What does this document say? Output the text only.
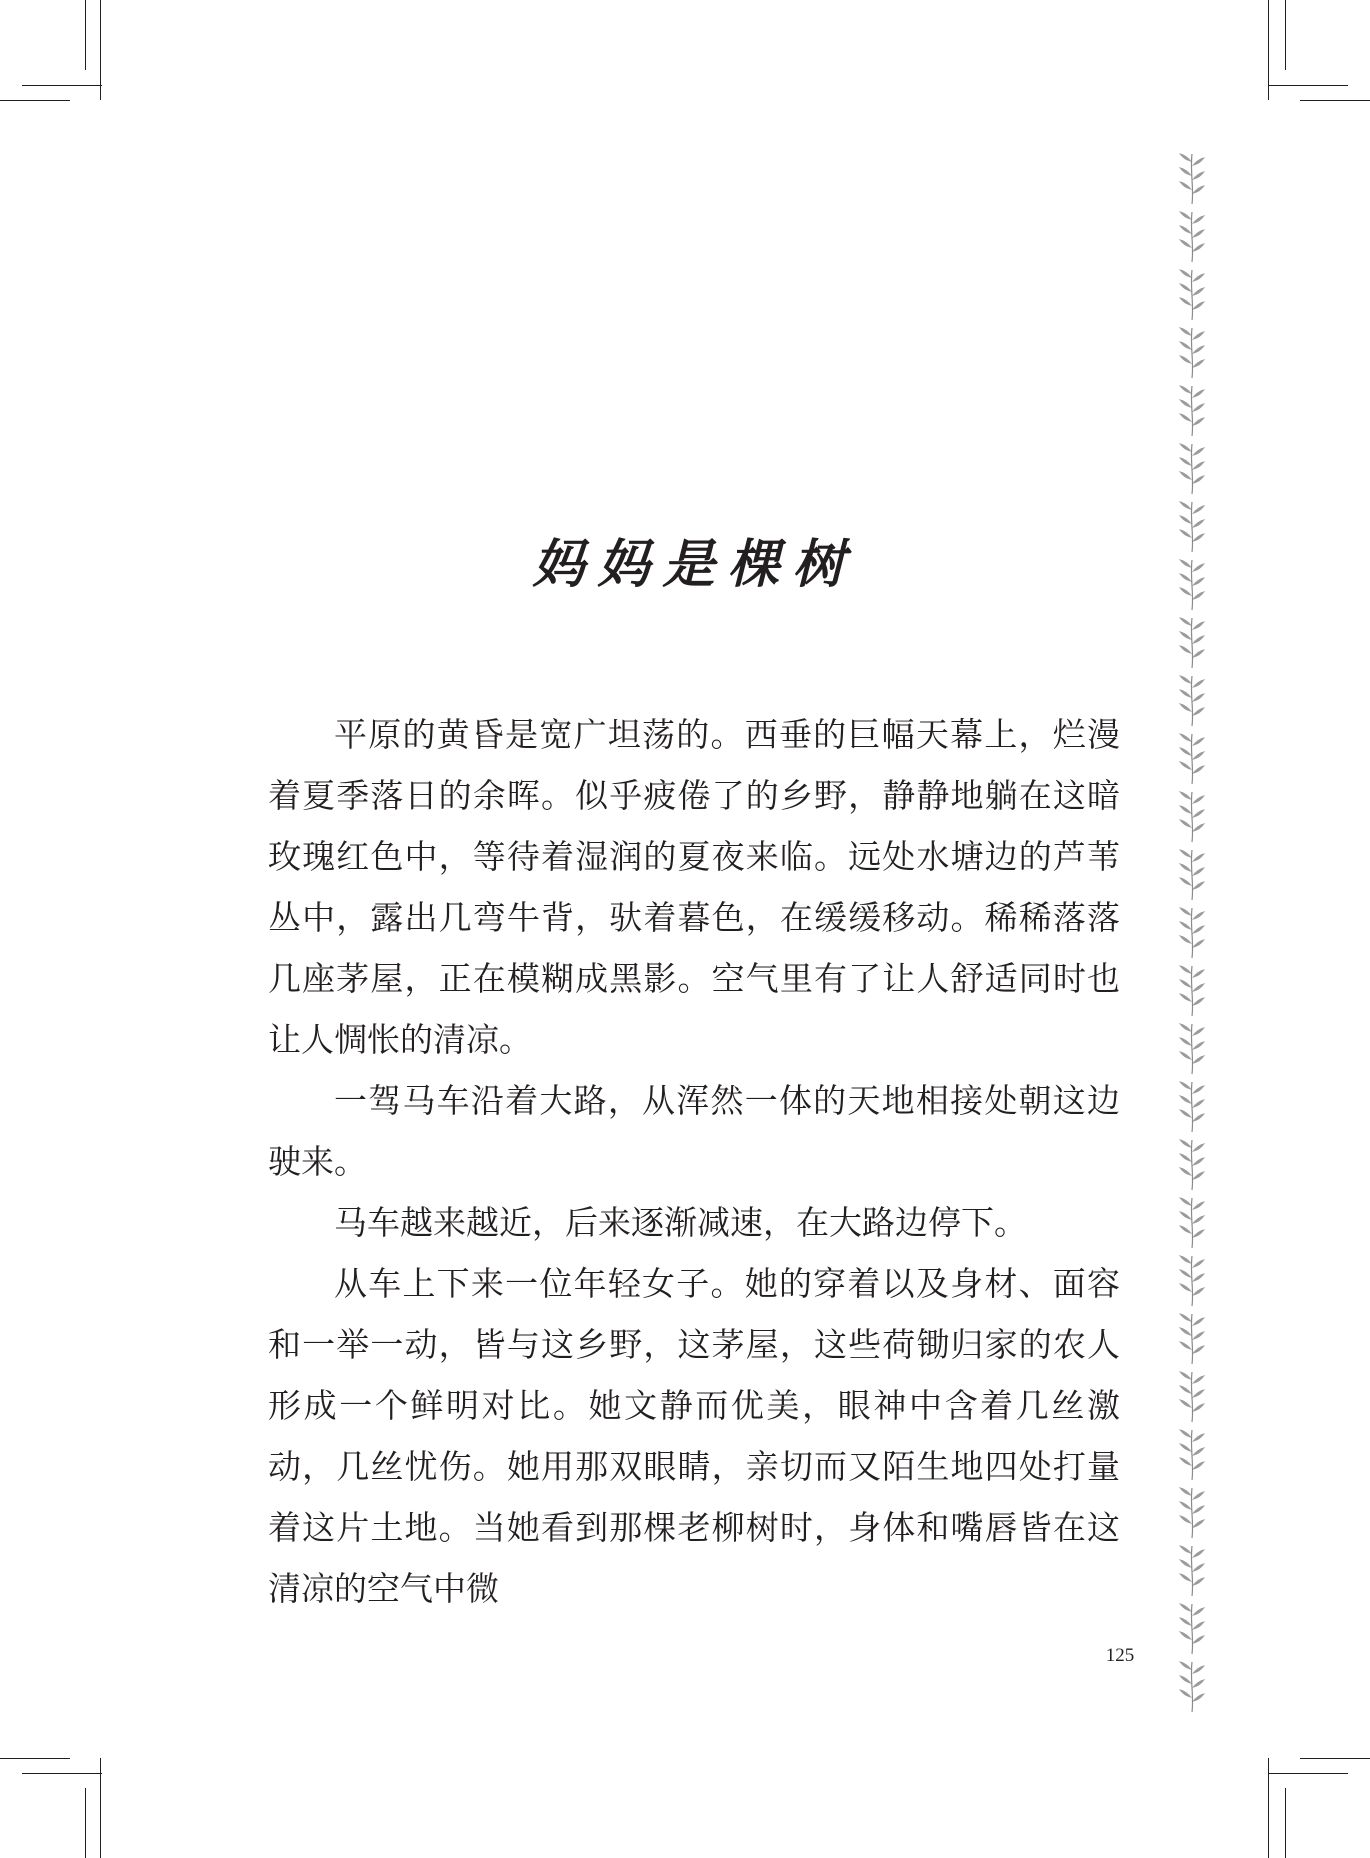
妈妈是棵树

平原的黄昏是宽广坦荡的。西垂的巨幅天幕上，烂漫着夏季落日的余晖。似乎疲倦了的乡野，静静地躺在这暗玫瑰红色中，等待着湿润的夏夜来临。远处水塘边的芦苇丛中，露出几弯牛背，驮着暮色，在缓缓移动。稀稀落落几座茅屋，正在模糊成黑影。空气里有了让人舒适同时也让人惆怅的清凉。

一驾马车沿着大路，从浑然一体的天地相接处朝这边驶来。

马车越来越近，后来逐渐减速，在大路边停下。

从车上下来一位年轻女子。她的穿着以及身材、面容和一举一动，皆与这乡野，这茅屋，这些荷锄归家的农人形成一个鲜明对比。她文静而优美，眼神中含着几丝激动，几丝忧伤。她用那双眼睛，亲切而又陌生地四处打量着这片土地。当她看到那棵老柳树时，身体和嘴唇皆在这清凉的空气中微

125
